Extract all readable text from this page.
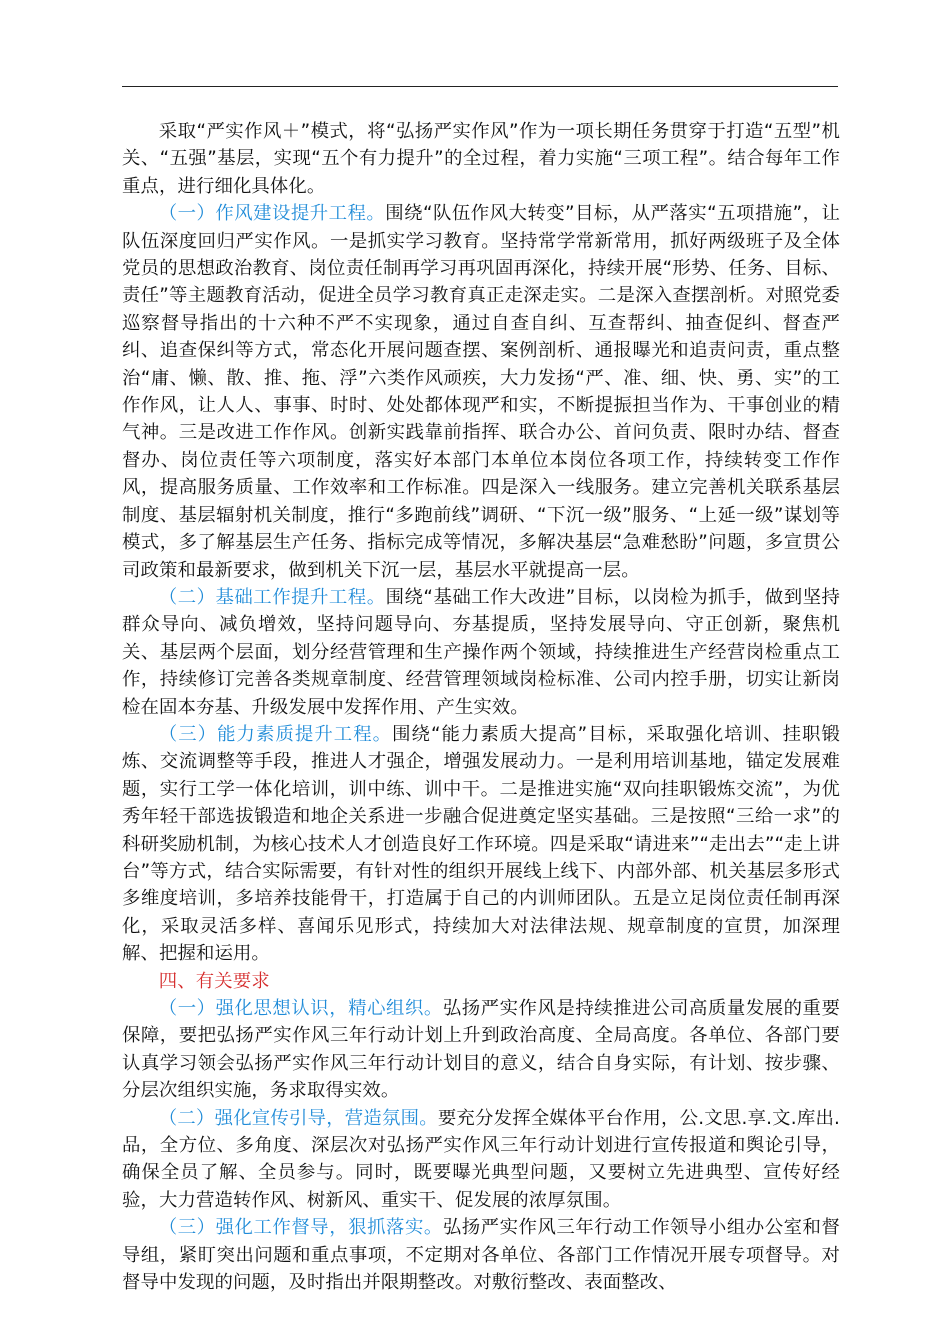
采取“严实作风＋”模式，将“弘扬严实作风”作为一项长期任务贯穿于打造“五型”机关、“五强”基层，实现“五个有力提升”的全过程，着力实施“三项工程”。结合每年工作重点，进行细化具体化。

（一）作风建设提升工程。围绕“队伍作风大转变”目标，从严落实“五项措施”，让队伍深度回归严实作风。一是抓实学习教育。坚持常学常新常用，抓好两级班子及全体党员的思想政治教育、岗位责任制再学习再巩固再深化，持续开展“形势、任务、目标、责任”等主题教育活动，促进全员学习教育真正走深走实。二是深入查摆剖析。对照党委巡察督导指出的十六种不严不实现象，通过自查自纠、互查帮纠、抽查促纠、督查严纠、追查保纠等方式，常态化开展问题查摆、案例剖析、通报曝光和追责问责，重点整治“庸、懒、散、推、拖、浮”六类作风顽疾，大力发扬“严、准、细、快、勇、实”的工作作风，让人人、事事、时时、处处都体现严和实，不断提振担当作为、干事创业的精气神。三是改进工作作风。创新实践靠前指挥、联合办公、首问负责、限时办结、督查督办、岗位责任等六项制度，落实好本部门本单位本岗位各项工作，持续转变工作作风，提高服务质量、工作效率和工作标准。四是深入一线服务。建立完善机关联系基层制度、基层辐射机关制度，推行“多跑前线”调研、“下沉一级”服务、“上延一级”谋划等模式，多了解基层生产任务、指标完成等情况，多解决基层“急难愁盼”问题，多宣贯公司政策和最新要求，做到机关下沉一层，基层水平就提高一层。

（二）基础工作提升工程。围绕“基础工作大改进”目标，以岗检为抓手，做到坚持群众导向、减负增效，坚持问题导向、夯基提质，坚持发展导向、守正创新，聚焦机关、基层两个层面，划分经营管理和生产操作两个领域，持续推进生产经营岗检重点工作，持续修订完善各类规章制度、经营管理领域岗检标准、公司内控手册，切实让新岗检在固本夯基、升级发展中发挥作用、产生实效。

（三）能力素质提升工程。围绕“能力素质大提高”目标，采取强化培训、挂职锻炼、交流调整等手段，推进人才强企，增强发展动力。一是利用培训基地，锚定发展难题，实行工学一体化培训，训中练、训中干。二是推进实施“双向挂职锻炼交流”，为优秀年轻干部选拔锻造和地企关系进一步融合促进奠定坚实基础。三是按照“三给一求”的科研奖励机制，为核心技术人才创造良好工作环境。四是采取“请进来”“走出去”“走上讲台”等方式，结合实际需要，有针对性的组织开展线上线下、内部外部、机关基层多形式多维度培训，多培养技能骨干，打造属于自己的内训师团队。五是立足岗位责任制再深化，采取灵活多样、喜闻乐见形式，持续加大对法律法规、规章制度的宣贯，加深理解、把握和运用。

四、有关要求

（一）强化思想认识，精心组织。弘扬严实作风是持续推进公司高质量发展的重要保障，要把弘扬严实作风三年行动计划上升到政治高度、全局高度。各单位、各部门要认真学习领会弘扬严实作风三年行动计划目的意义，结合自身实际，有计划、按步骤、分层次组织实施，务求取得实效。

（二）强化宣传引导，营造氛围。要充分发挥全媒体平台作用，公.文思.享.文.库出.品，全方位、多角度、深层次对弘扬严实作风三年行动计划进行宣传报道和舆论引导，确保全员了解、全员参与。同时，既要曝光典型问题，又要树立先进典型、宣传好经验，大力营造转作风、树新风、重实干、促发展的浓厚氛围。

（三）强化工作督导，狠抓落实。弘扬严实作风三年行动工作领导小组办公室和督导组，紧盯突出问题和重点事项，不定期对各单位、各部门工作情况开展专项督导。对督导中发现的问题，及时指出并限期整改。对敷衍整改、表面整改、
